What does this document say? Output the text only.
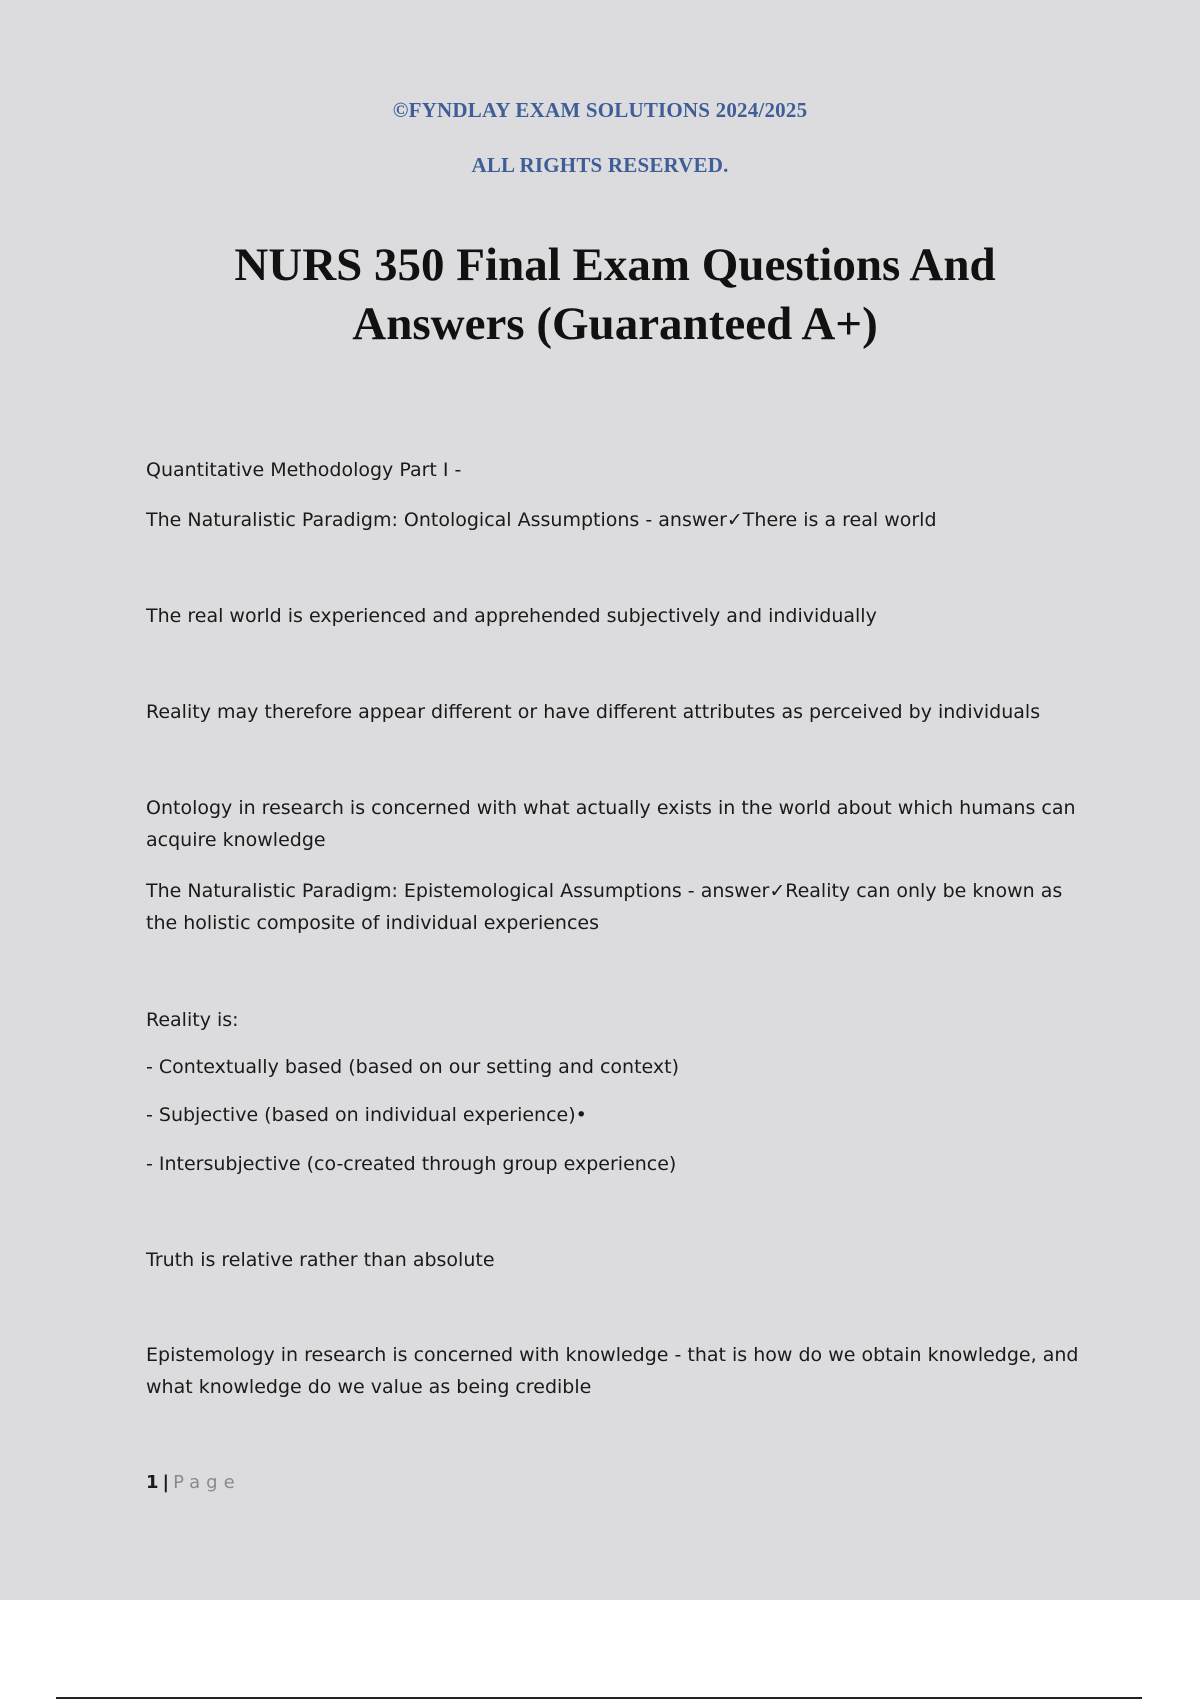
©FYNDLAY EXAM SOLUTIONS 2024/2025
ALL RIGHTS RESERVED.
NURS 350 Final Exam Questions And
Answers (Guaranteed A+)

Quantitative Methodology Part I -

The Naturalistic Paradigm: Ontological Assumptions - answer✓There is a real world

The real world is experienced and apprehended subjectively and individually

Reality may therefore appear different or have different attributes as perceived by individuals

Ontology in research is concerned with what actually exists in the world about which humans can acquire knowledge

The Naturalistic Paradigm: Epistemological Assumptions - answer✓Reality can only be known as the holistic composite of individual experiences

Reality is:

- Contextually based (based on our setting and context)

- Subjective (based on individual experience)•

- Intersubjective (co-created through group experience)

Truth is relative rather than absolute

Epistemology in research is concerned with knowledge - that is how do we obtain knowledge, and what knowledge do we value as being credible

1 | Page
